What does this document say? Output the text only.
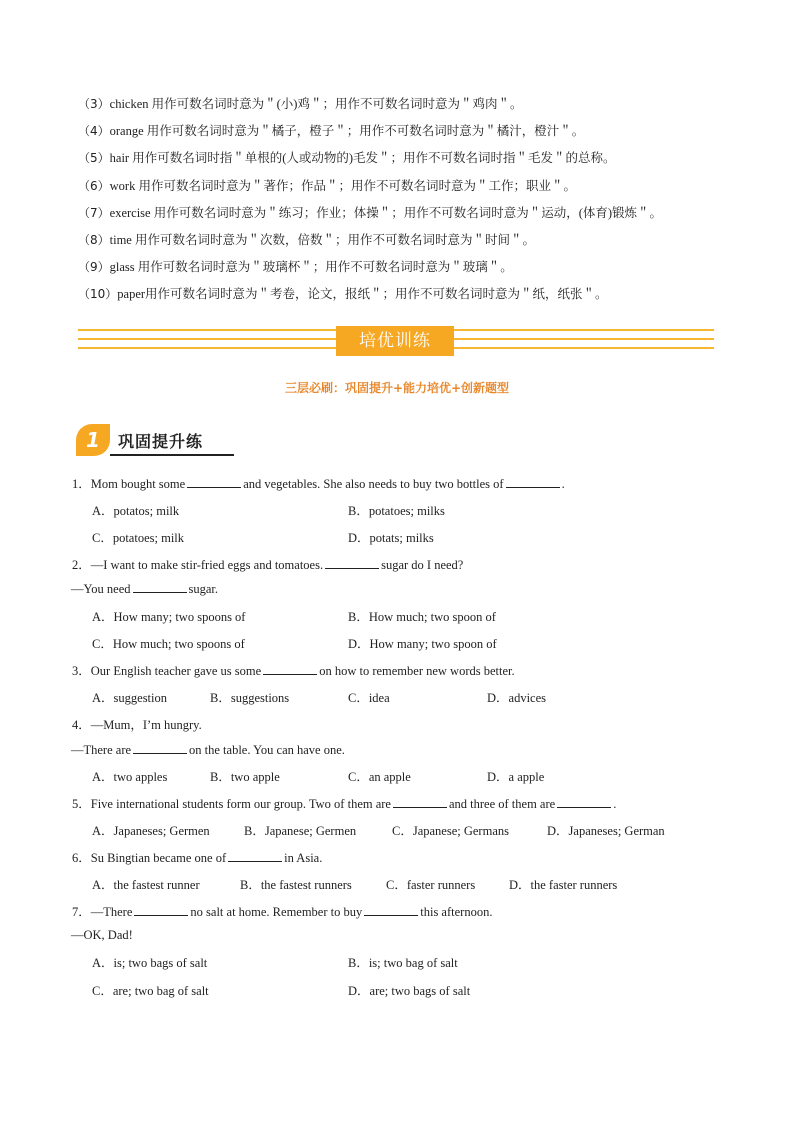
（3）chicken 用作可数名词时意为＂(小)鸡＂；用作不可数名词时意为＂鸡肉＂。
（4）orange 用作可数名词时意为＂橘子，橙子＂；用作不可数名词时意为＂橘汁，橙汁＂。
（5）hair 用作可数名词时指＂单根的(人或动物的)毛发＂；用作不可数名词时指＂毛发＂的总称。
（6）work 用作可数名词时意为＂著作；作品＂；用作不可数名词时意为＂工作；职业＂。
（7）exercise 用作可数名词时意为＂练习；作业；体操＂；用作不可数名词时意为＂运动，(体育)锻炼＂。
（8）time 用作可数名词时意为＂次数，倍数＂；用作不可数名词时意为＂时间＂。
（9）glass 用作可数名词时意为＂玻璃杯＂；用作不可数名词时意为＂玻璃＂。
（10）paper用作可数名词时意为＂考卷，论文，报纸＂；用作不可数名词时意为＂纸，纸张＂。
培优训练
三层必刷：巩固提升+能力培优+创新题型
1	巩固提升练
1．Mom bought some	and vegetables. She also needs to buy two bottles of	.
A．potatos; milk	B．potatoes; milks
C．potatoes; milk	D．potats; milks
2．—I want to make stir-fried eggs and tomatoes.	sugar do I need?
—You need	sugar.
A．How many; two spoons of	B．How much; two spoon of
C．How much; two spoons of	D．How many; two spoon of
3．Our English teacher gave us some	on how to remember new words better.
A．suggestion	B．suggestions	C．idea	D．advices
4．—Mum，I’m hungry.
—There are	on the table. You can have one.
A．two apples	B．two apple	C．an apple	D．a apple
5．Five international students form our group. Two of them are	and three of them are	.
A．Japaneses; Germen	B．Japanese; Germen	C．Japanese; Germans	D．Japaneses; German
6．Su Bingtian became one of	in Asia.
A．the fastest runner	B．the fastest runners	C．faster runners	D．the faster runners
7．—There	no salt at home. Remember to buy	this afternoon.
—OK, Dad!
A．is; two bags of salt	B．is; two bag of salt
C．are; two bag of salt	D．are; two bags of salt
